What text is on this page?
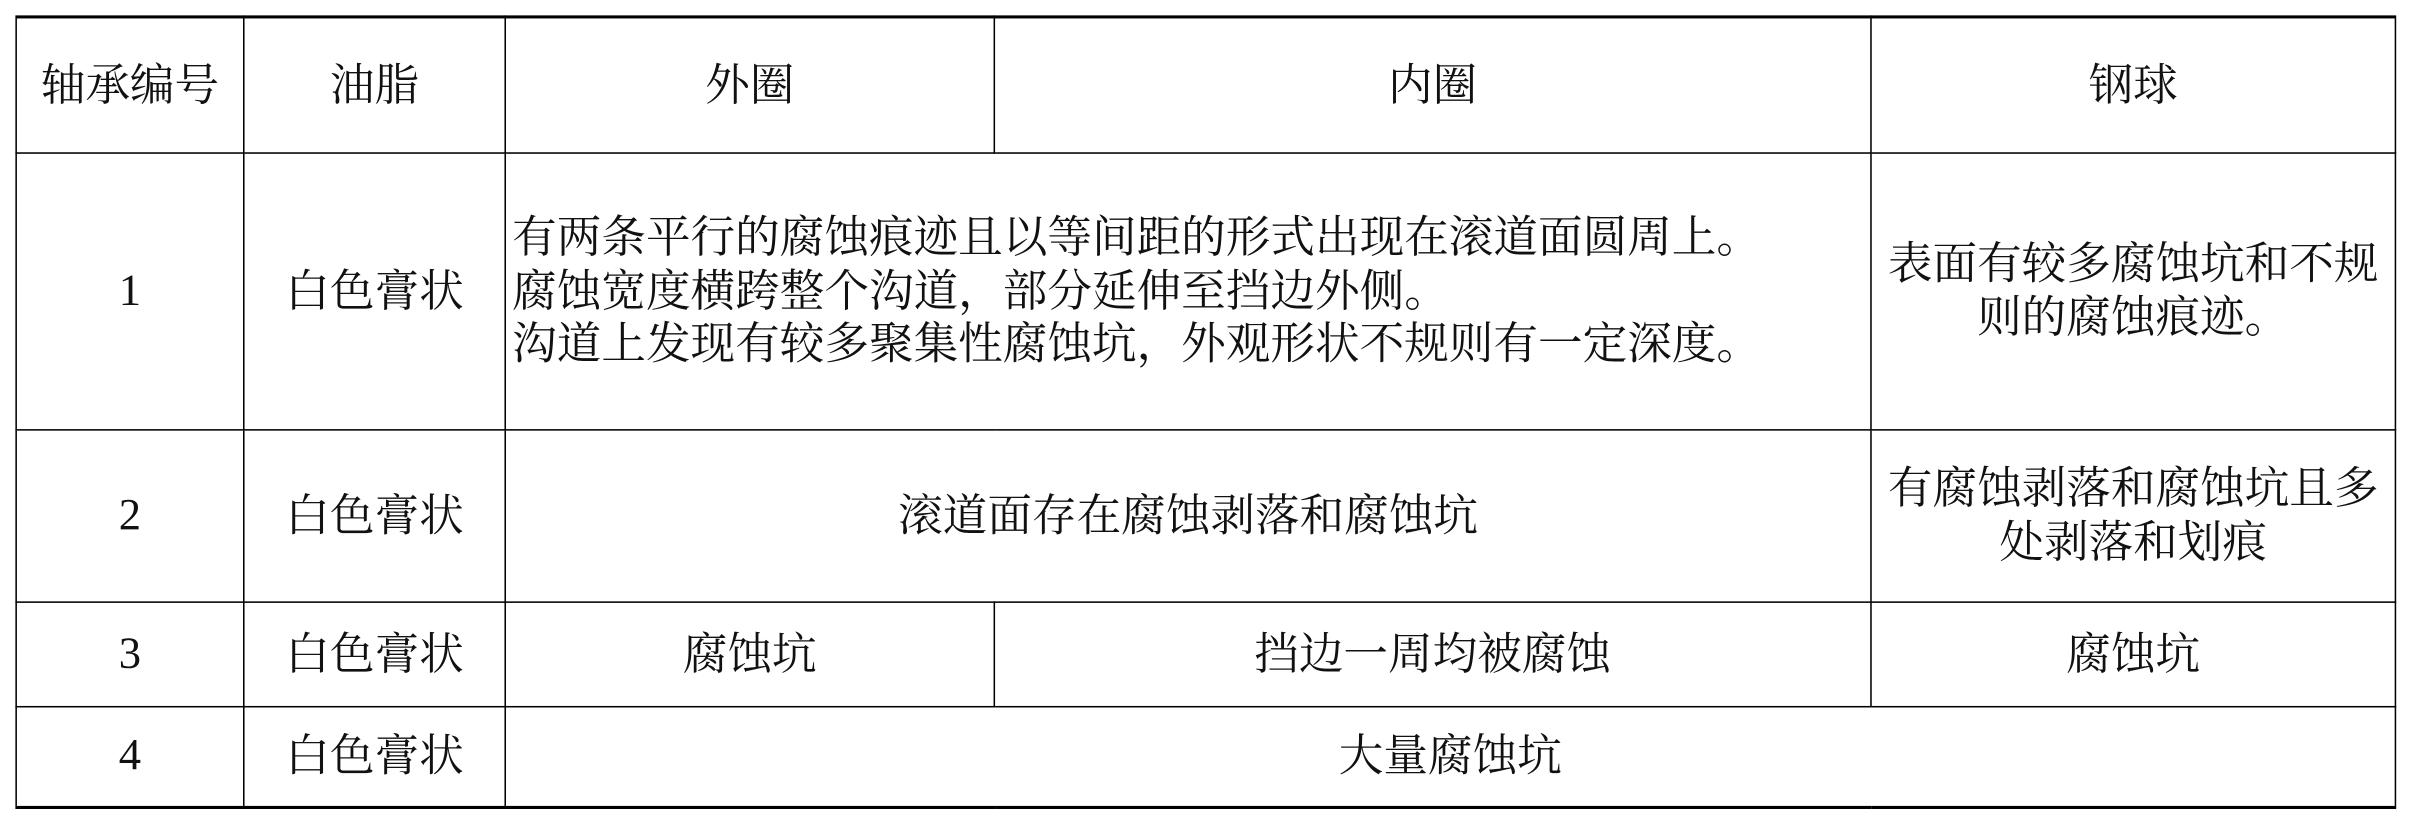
轴承编号	油脂	外圈	内圈	钢球
1	白色膏状	有两条平行的腐蚀痕迹且以等间距的形式出现在滚道面圆周上。
腐蚀宽度横跨整个沟道，部分延伸至挡边外侧。
沟道上发现有较多聚集性腐蚀坑，外观形状不规则有一定深度。		表面有较多腐蚀坑和不规则的腐蚀痕迹。

2	白色膏状	滚道面存在腐蚀剥落和腐蚀坑		有腐蚀剥落和腐蚀坑且多处剥落和划痕

3	白色膏状	腐蚀坑	挡边一周均被腐蚀	腐蚀坑
4	白色膏状	大量腐蚀坑		
